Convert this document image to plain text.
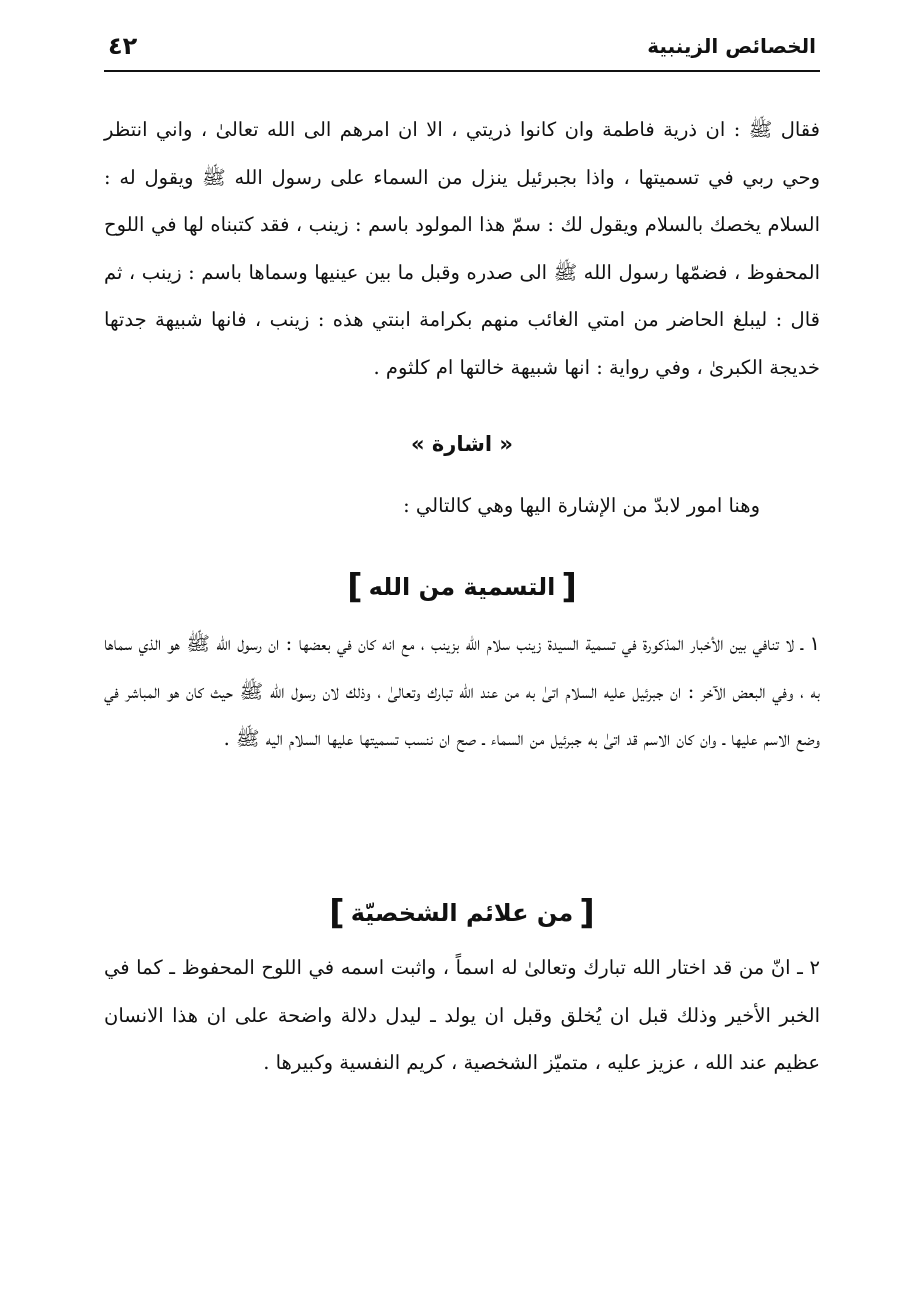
الخصائص الزينبية
٤٢

فقال ﷺ : ان ذرية فاطمة وان كانوا ذريتي ، الا ان امرهم الى الله تعالىٰ ، واني انتظر وحي ربي في تسميتها ، واذا بجبرئيل ينزل من السماء على رسول الله ﷺ ويقول له : السلام يخصك بالسلام ويقول لك : سمّ هذا المولود باسم : زينب ، فقد كتبناه لها في اللوح المحفوظ ، فضمّها رسول الله ﷺ الى صدره وقبل ما بين عينيها وسماها باسم : زينب ، ثم قال : ليبلغ الحاضر من امتي الغائب منهم بكرامة ابنتي هذه : زينب ، فانها شبيهة جدتها خديجة الكبرىٰ ، وفي رواية : انها شبيهة خالتها ام كلثوم .

« اشارة »

وهنا امور لابدّ من الإشارة اليها وهي كالتالي :

[التسمية من الله]

١ ـ لا تنافي بين الأخبار المذكورة في تسمية السيدة زينب سلام الله بزينب ، مع انه كان في بعضها : ان رسول الله ﷺ هو الذي سماها به ، وفي البعض الآخر : ان جبرئيل عليه السلام اتىٰ به من عند الله تبارك وتعالىٰ ، وذلك لان رسول الله ﷺ حيث كان هو المباشر في وضع الاسم عليها ـ وان كان الاسم قد اتىٰ به جبرئيل من السماء ـ صح ان ننسب تسميتها عليها السلام اليه ﷺ .

[من علائم الشخصيّة]

٢ ـ انّ من قد اختار الله تبارك وتعالىٰ له اسماً ، واثبت اسمه في اللوح المحفوظ ـ كما في الخبر الأخير وذلك قبل ان يُخلق وقبل ان يولد ـ ليدل دلالة واضحة على ان هذا الانسان عظيم عند الله ، عزيز عليه ، متميّز الشخصية ، كريم النفسية وكبيرها .
